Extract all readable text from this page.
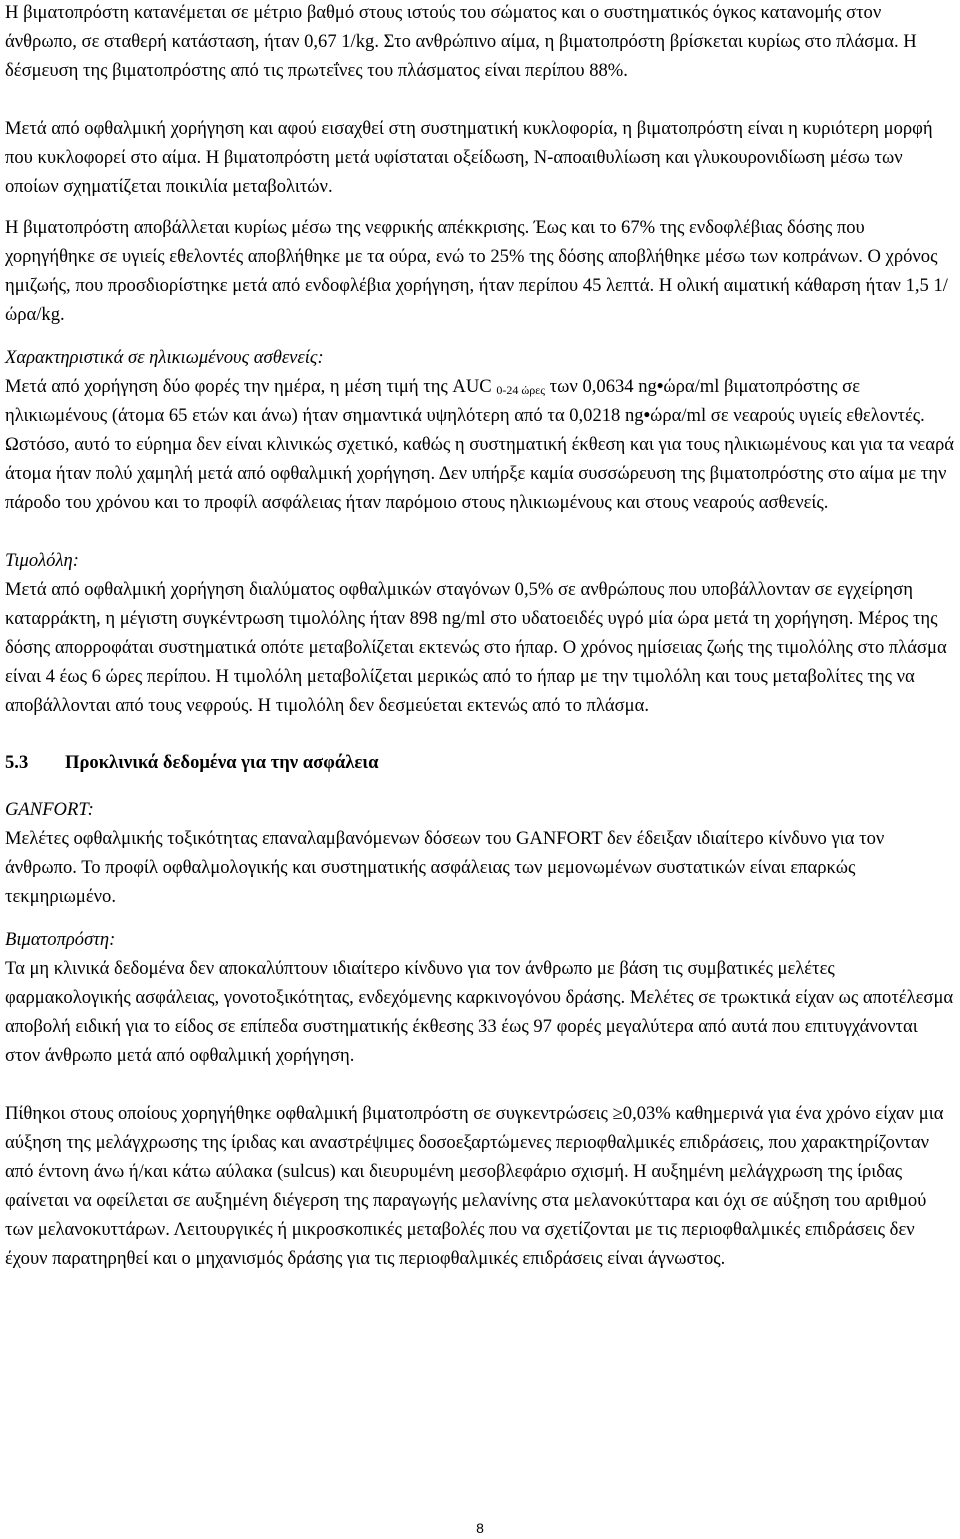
Η βιματοπρόστη κατανέμεται σε μέτριο βαθμό στους ιστούς του σώματος και ο συστηματικός όγκος κατανομής στον άνθρωπο, σε σταθερή κατάσταση, ήταν 0,67 1/kg. Στο ανθρώπινο αίμα, η βιματοπρόστη βρίσκεται κυρίως στο πλάσμα. Η δέσμευση της βιματοπρόστης από τις πρωτεΐνες του πλάσματος είναι περίπου 88%.

Μετά από οφθαλμική χορήγηση και αφού εισαχθεί στη συστηματική κυκλοφορία, η βιματοπρόστη είναι η κυριότερη μορφή που κυκλοφορεί στο αίμα. Η βιματοπρόστη μετά υφίσταται οξείδωση, N-αποαιθυλίωση και γλυκουρονιδίωση μέσω των οποίων σχηματίζεται ποικιλία μεταβολιτών.

Η βιματοπρόστη αποβάλλεται κυρίως μέσω της νεφρικής απέκκρισης. Έως και το 67% της ενδοφλέβιας δόσης που χορηγήθηκε σε υγιείς εθελοντές αποβλήθηκε με τα ούρα, ενώ το 25% της δόσης αποβλήθηκε μέσω των κοπράνων. Ο χρόνος ημιζωής, που προσδιορίστηκε μετά από ενδοφλέβια χορήγηση, ήταν περίπου 45 λεπτά. Η ολική αιματική κάθαρση ήταν 1,5 1/ώρα/kg.

Χαρακτηριστικά σε ηλικιωμένους ασθενείς:

Μετά από χορήγηση δύο φορές την ημέρα, η μέση τιμή της AUC $_{0-24 ώ\rho\varepsilon\varsigma}$ των 0,0634 ng•ώρα/ml βιματοπρόστης σε ηλικιωμένους (άτομα 65 ετών και άνω) ήταν σημαντικά υψηλότερη από τα 0,0218 ng•ώρα/ml σε νεαρούς υγιείς εθελοντές. Ωστόσο, αυτό το εύρημα δεν είναι κλινικώς σχετικό, καθώς η συστηματική έκθεση και για τους ηλικιωμένους και για τα νεαρά άτομα ήταν πολύ χαμηλή μετά από οφθαλμική χορήγηση. Δεν υπήρξε καμία συσσώρευση της βιματοπρόστης στο αίμα με την πάροδο του χρόνου και το προφίλ ασφάλειας ήταν παρόμοιο στους ηλικιωμένους και στους νεαρούς ασθενείς.

Τιμολόλη:

Μετά από οφθαλμική χορήγηση διαλύματος οφθαλμικών σταγόνων 0,5% σε ανθρώπους που υποβάλλονταν σε εγχείρηση καταρράκτη, η μέγιστη συγκέντρωση τιμολόλης ήταν 898 ng/ml στο υδατοειδές υγρό μία ώρα μετά τη χορήγηση. Μέρος της δόσης απορροφάται συστηματικά οπότε μεταβολίζεται εκτενώς στο ήπαρ. Ο χρόνος ημίσειας ζωής της τιμολόλης στο πλάσμα είναι 4 έως 6 ώρες περίπου. Η τιμολόλη μεταβολίζεται μερικώς από το ήπαρ με την τιμολόλη και τους μεταβολίτες της να αποβάλλονται από τους νεφρούς. Η τιμολόλη δεν δεσμεύεται εκτενώς από το πλάσμα.

5.3 Προκλινικά δεδομένα για την ασφάλεια

GANFORT:

Μελέτες οφθαλμικής τοξικότητας επαναλαμβανόμενων δόσεων του GANFORT δεν έδειξαν ιδιαίτερο κίνδυνο για τον άνθρωπο. Το προφίλ οφθαλμολογικής και συστηματικής ασφάλειας των μεμονωμένων συστατικών είναι επαρκώς τεκμηριωμένο.

Βιματοπρόστη:

Τα μη κλινικά δεδομένα δεν αποκαλύπτουν ιδιαίτερο κίνδυνο για τον άνθρωπο με βάση τις συμβατικές μελέτες φαρμακολογικής ασφάλειας, γονοτοξικότητας, ενδεχόμενης καρκινογόνου δράσης. Μελέτες σε τρωκτικά είχαν ως αποτέλεσμα αποβολή ειδική για το είδος σε επίπεδα συστηματικής έκθεσης 33 έως 97 φορές μεγαλύτερα από αυτά που επιτυγχάνονται στον άνθρωπο μετά από οφθαλμική χορήγηση.

Πίθηκοι στους οποίους χορηγήθηκε οφθαλμική βιματοπρόστη σε συγκεντρώσεις ≥0,03% καθημερινά για ένα χρόνο είχαν μια αύξηση της μελάγχρωσης της ίριδας και αναστρέψιμες δοσοεξαρτώμενες περιοφθαλμικές επιδράσεις, που χαρακτηρίζονταν από έντονη άνω ή/και κάτω αύλακα (sulcus) και διευρυμένη μεσοβλεφάριο σχισμή. Η αυξημένη μελάγχρωση της ίριδας φαίνεται να οφείλεται σε αυξημένη διέγερση της παραγωγής μελανίνης στα μελανοκύτταρα και όχι σε αύξηση του αριθμού των μελανοκυττάρων. Λειτουργικές ή μικροσκοπικές μεταβολές που να σχετίζονται με τις περιοφθαλμικές επιδράσεις δεν έχουν παρατηρηθεί και ο μηχανισμός δράσης για τις περιοφθαλμικές επιδράσεις είναι άγνωστος.

8
